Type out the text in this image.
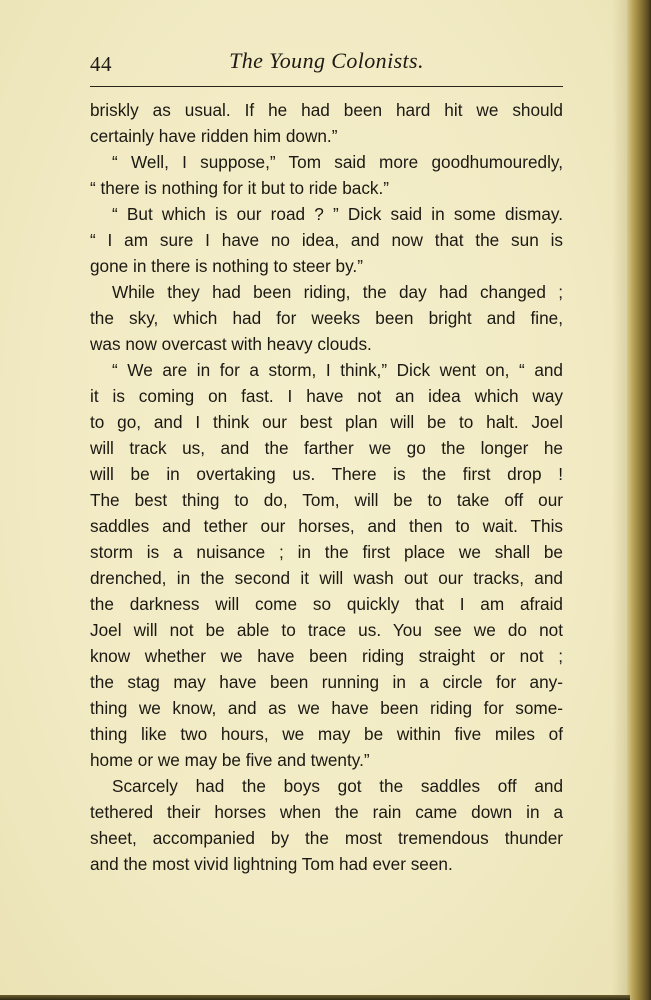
44	The Young Colonists.
briskly as usual. If he had been hard hit we should
certainly have ridden him down.”
“ Well, I suppose,” Tom said more goodhumouredly,
“ there is nothing for it but to ride back.”
“ But which is our road ? ” Dick said in some dismay.
“ I am sure I have no idea, and now that the sun is
gone in there is nothing to steer by.”
While they had been riding, the day had changed ;
the sky, which had for weeks been bright and fine,
was now overcast with heavy clouds.
“ We are in for a storm, I think,” Dick went on, “ and
it is coming on fast. I have not an idea which way
to go, and I think our best plan will be to halt. Joel
will track us, and the farther we go the longer he
will be in overtaking us. There is the first drop !
The best thing to do, Tom, will be to take off our
saddles and tether our horses, and then to wait. This
storm is a nuisance ; in the first place we shall be
drenched, in the second it will wash out our tracks, and
the darkness will come so quickly that I am afraid
Joel will not be able to trace us. You see we do not
know whether we have been riding straight or not ;
the stag may have been running in a circle for any-
thing we know, and as we have been riding for some-
thing like two hours, we may be within five miles of
home or we may be five and twenty.”
Scarcely had the boys got the saddles off and
tethered their horses when the rain came down in a
sheet, accompanied by the most tremendous thunder
and the most vivid lightning Tom had ever seen.
